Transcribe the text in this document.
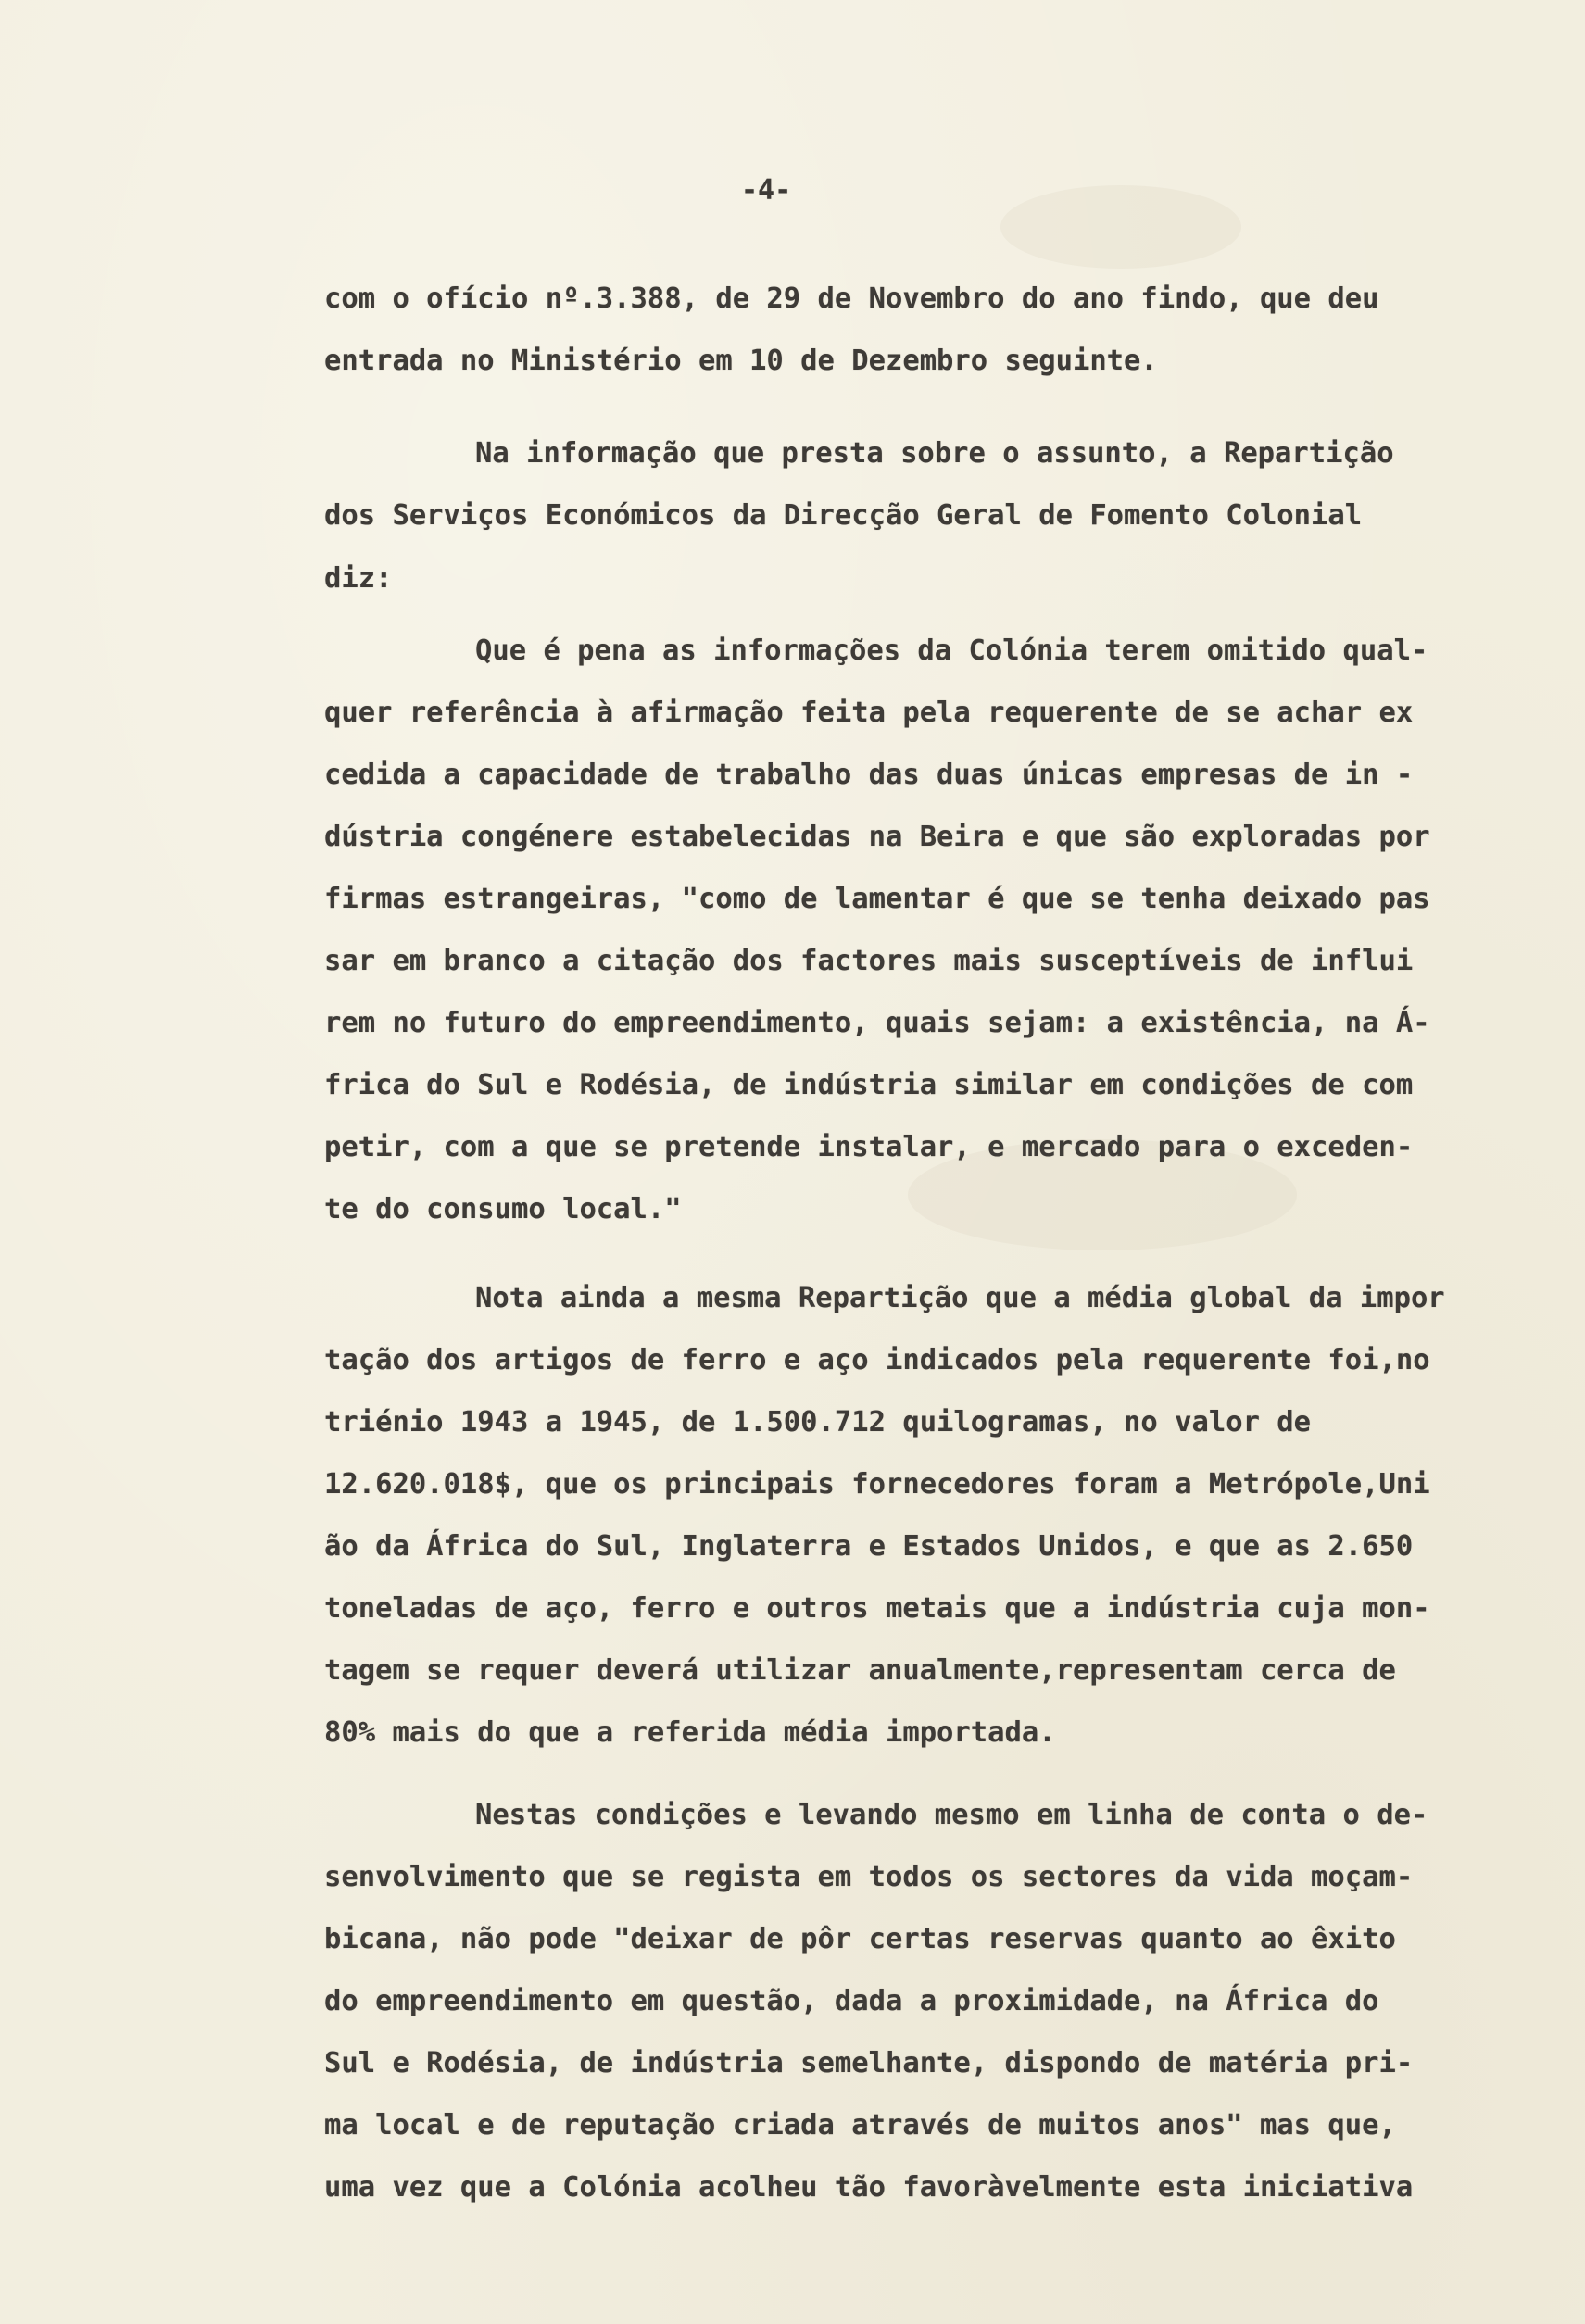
-4-
com o ofício nº.3.388, de 29 de Novembro do ano findo, que deu
entrada no Ministério em 10 de Dezembro seguinte.
Na informação que presta sobre o assunto, a Repartição
dos Serviços Económicos da Direcção Geral de Fomento Colonial
diz:
Que é pena as informações da Colónia terem omitido qual-
quer referência à afirmação feita pela requerente de se achar ex
cedida a capacidade de trabalho das duas únicas empresas de in -
dústria congénere estabelecidas na Beira e que são exploradas por
firmas estrangeiras, "como de lamentar é que se tenha deixado pas
sar em branco a citação dos factores mais susceptíveis de influi
rem no futuro do empreendimento, quais sejam: a existência, na Á-
frica do Sul e Rodésia, de indústria similar em condições de com
petir, com a que se pretende instalar, e mercado para o exceden-
te do consumo local."
Nota ainda a mesma Repartição que a média global da impor
tação dos artigos de ferro e aço indicados pela requerente foi,no
triénio 1943 a 1945, de 1.500.712 quilogramas, no valor de
12.620.018$, que os principais fornecedores foram a Metrópole,Uni
ão da África do Sul, Inglaterra e Estados Unidos, e que as 2.650
toneladas de aço, ferro e outros metais que a indústria cuja mon-
tagem se requer deverá utilizar anualmente,representam cerca de
80% mais do que a referida média importada.
Nestas condições e levando mesmo em linha de conta o de-
senvolvimento que se regista em todos os sectores da vida moçam-
bicana, não pode "deixar de pôr certas reservas quanto ao êxito
do empreendimento em questão, dada a proximidade, na África do
Sul e Rodésia, de indústria semelhante, dispondo de matéria pri-
ma local e de reputação criada através de muitos anos" mas que,
uma vez que a Colónia acolheu tão favoràvelmente esta iniciativa
